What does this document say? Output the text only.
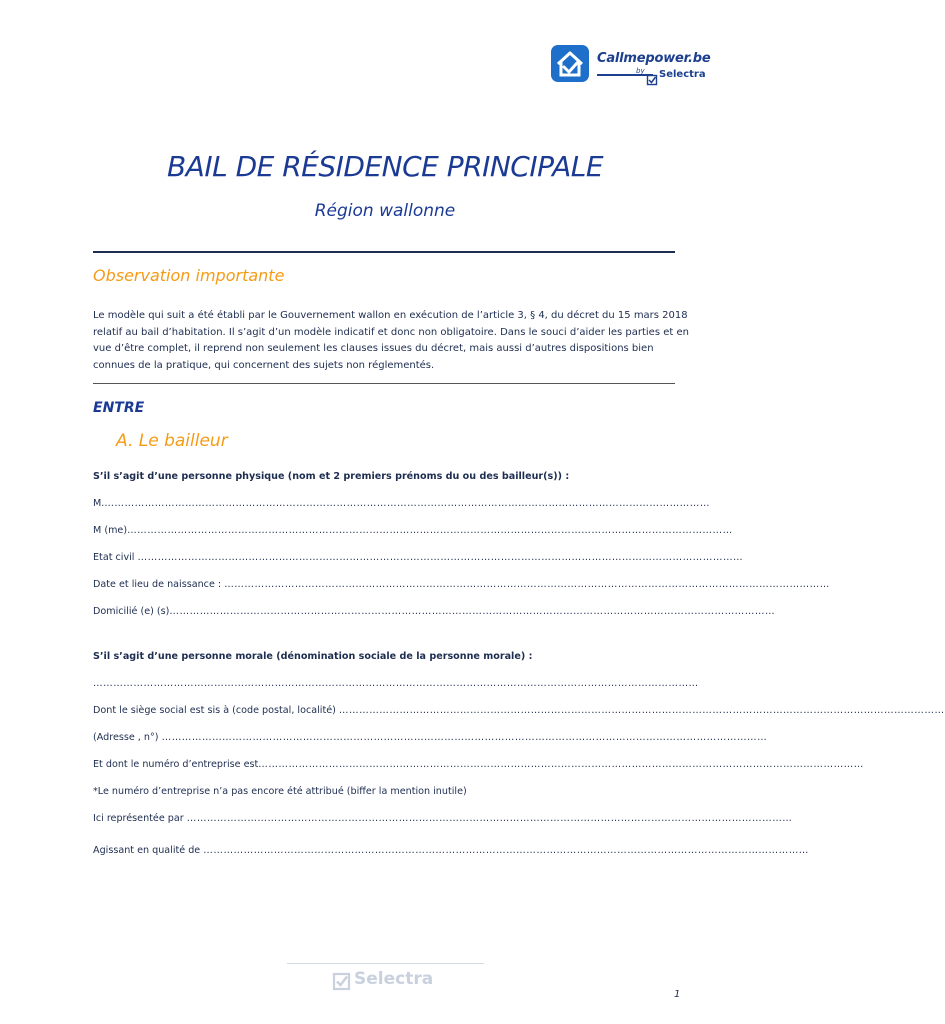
Callmepower.be
by Selectra
BAIL DE RÉSIDENCE PRINCIPALE
Région wallonne
Observation importante
Le modèle qui suit a été établi par le Gouvernement wallon en exécution de l’article 3, § 4, du décret du 15 mars 2018 relatif au bail d’habitation. Il s’agit d’un modèle indicatif et donc non obligatoire. Dans le souci d’aider les parties et en vue d’être complet, il reprend non seulement les clauses issues du décret, mais aussi d’autres dispositions bien connues de la pratique, qui concernent des sujets non réglementés.
ENTRE
A. Le bailleur
S’il s’agit d’une personne physique (nom et 2 premiers prénoms du ou des bailleur(s)) :
M.………………………………………………………………………………………………………………………………………………………………
M (me)………………………………………………………………………………………………………………………………………………………………
Etat civil ………………………………………………………………………………………………………………………………………………………………
Date et lieu de naissance : ………………………………………………………………………………………………………………………………………………………………
Domicilié (e) (s)………………………………………………………………………………………………………………………………………………………………
S’il s’agit d’une personne morale (dénomination sociale de la personne morale) :
………………………………………………………………………………………………………………………………………………………………
Dont le siège social est sis à (code postal, localité) ………………………………………………………………………………………………………………………………………………………………
(Adresse , n°) ………………………………………………………………………………………………………………………………………………………………
Et dont le numéro d’entreprise est………………………………………………………………………………………………………………………………………………………………
*Le numéro d’entreprise n’a pas encore été attribué (biffer la mention inutile)
Ici représentée par ………………………………………………………………………………………………………………………………………………………………
Agissant en qualité de ………………………………………………………………………………………………………………………………………………………………
Selectra
1
